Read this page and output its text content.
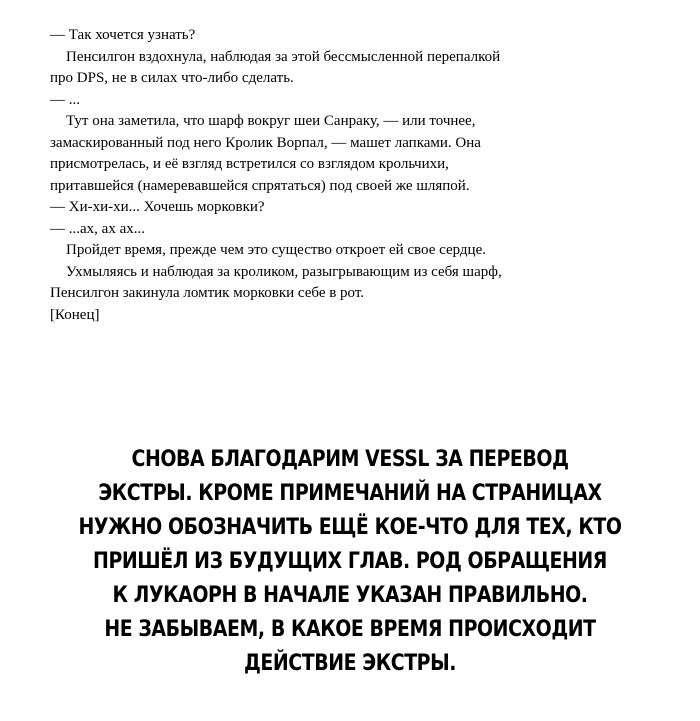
— Так хочется узнать?

Пенсилгон вздохнула, наблюдая за этой бессмысленной перепалкой

про DPS, не в силах что-либо сделать.

— ...

Тут она заметила, что шарф вокруг шеи Санраку, — или точнее,

замаскированный под него Кролик Ворпал, — машет лапками. Она

присмотрелась, и её взгляд встретился со взглядом крольчихи,

притавшейся (намеревавшейся спрятаться) под своей же шляпой.

— Хи-хи-хи... Хочешь морковки?

— ...ах, ах ах...

Пройдет время, прежде чем это существо откроет ей свое сердце.

Ухмыляясь и наблюдая за кроликом, разыгрывающим из себя шарф,

Пенсилгон закинула ломтик морковки себе в рот.

[Конец]

СНОВА БЛАГОДАРИМ VESSL ЗА ПЕРЕВОД
ЭКСТРЫ. КРОМЕ ПРИМЕЧАНИЙ НА СТРАНИЦАХ
НУЖНО ОБОЗНАЧИТЬ ЕЩЁ КОЕ-ЧТО ДЛЯ ТЕХ, КТО
ПРИШЁЛ ИЗ БУДУЩИХ ГЛАВ. РОД ОБРАЩЕНИЯ
К ЛУКАОРН В НАЧАЛЕ УКАЗАН ПРАВИЛЬНО.
НЕ ЗАБЫВАЕМ, В КАКОЕ ВРЕМЯ ПРОИСХОДИТ
ДЕЙСТВИЕ ЭКСТРЫ.
